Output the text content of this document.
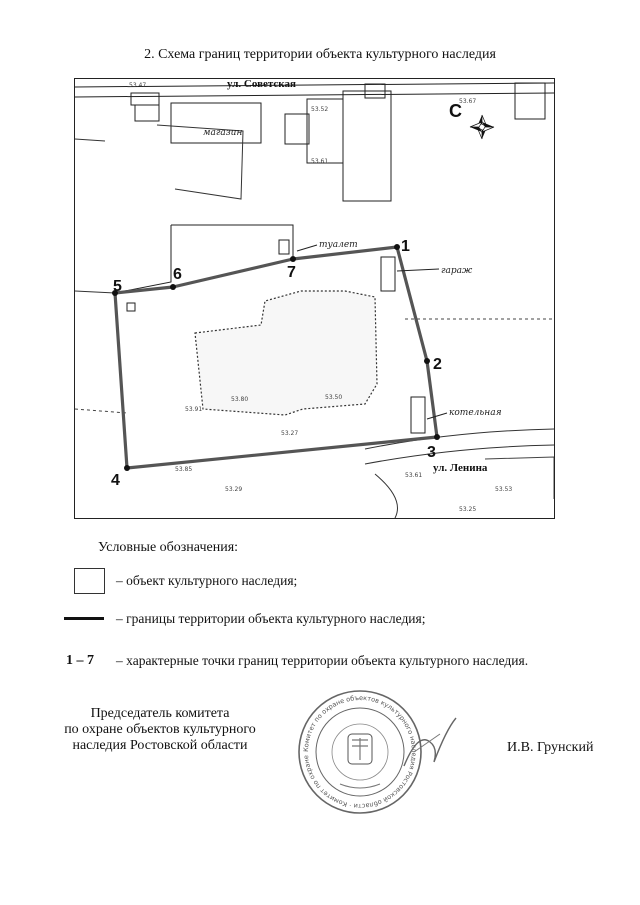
2. Схема границ территории объекта культурного наследия
1
2
3
4
5
6	7
ул. Советская
ул. Ленина
туалет
гараж
котельная
магазин
53.47
53.52
53.61
53.91
53.80	53.50
53.27
53.29
53.61
53.85
53.53
53.25
53.67
С
Условные обозначения:
– объект культурного наследия;
– границы территории объекта культурного наследия;
1 – 7 – характерные точки границ территории объекта культурного наследия.
Председатель комитета
по охране объектов культурного
наследия Ростовской области	Комитет по охране объектов культурного наследия Ростовской области · Комитет по охране
И.В. Грунский
